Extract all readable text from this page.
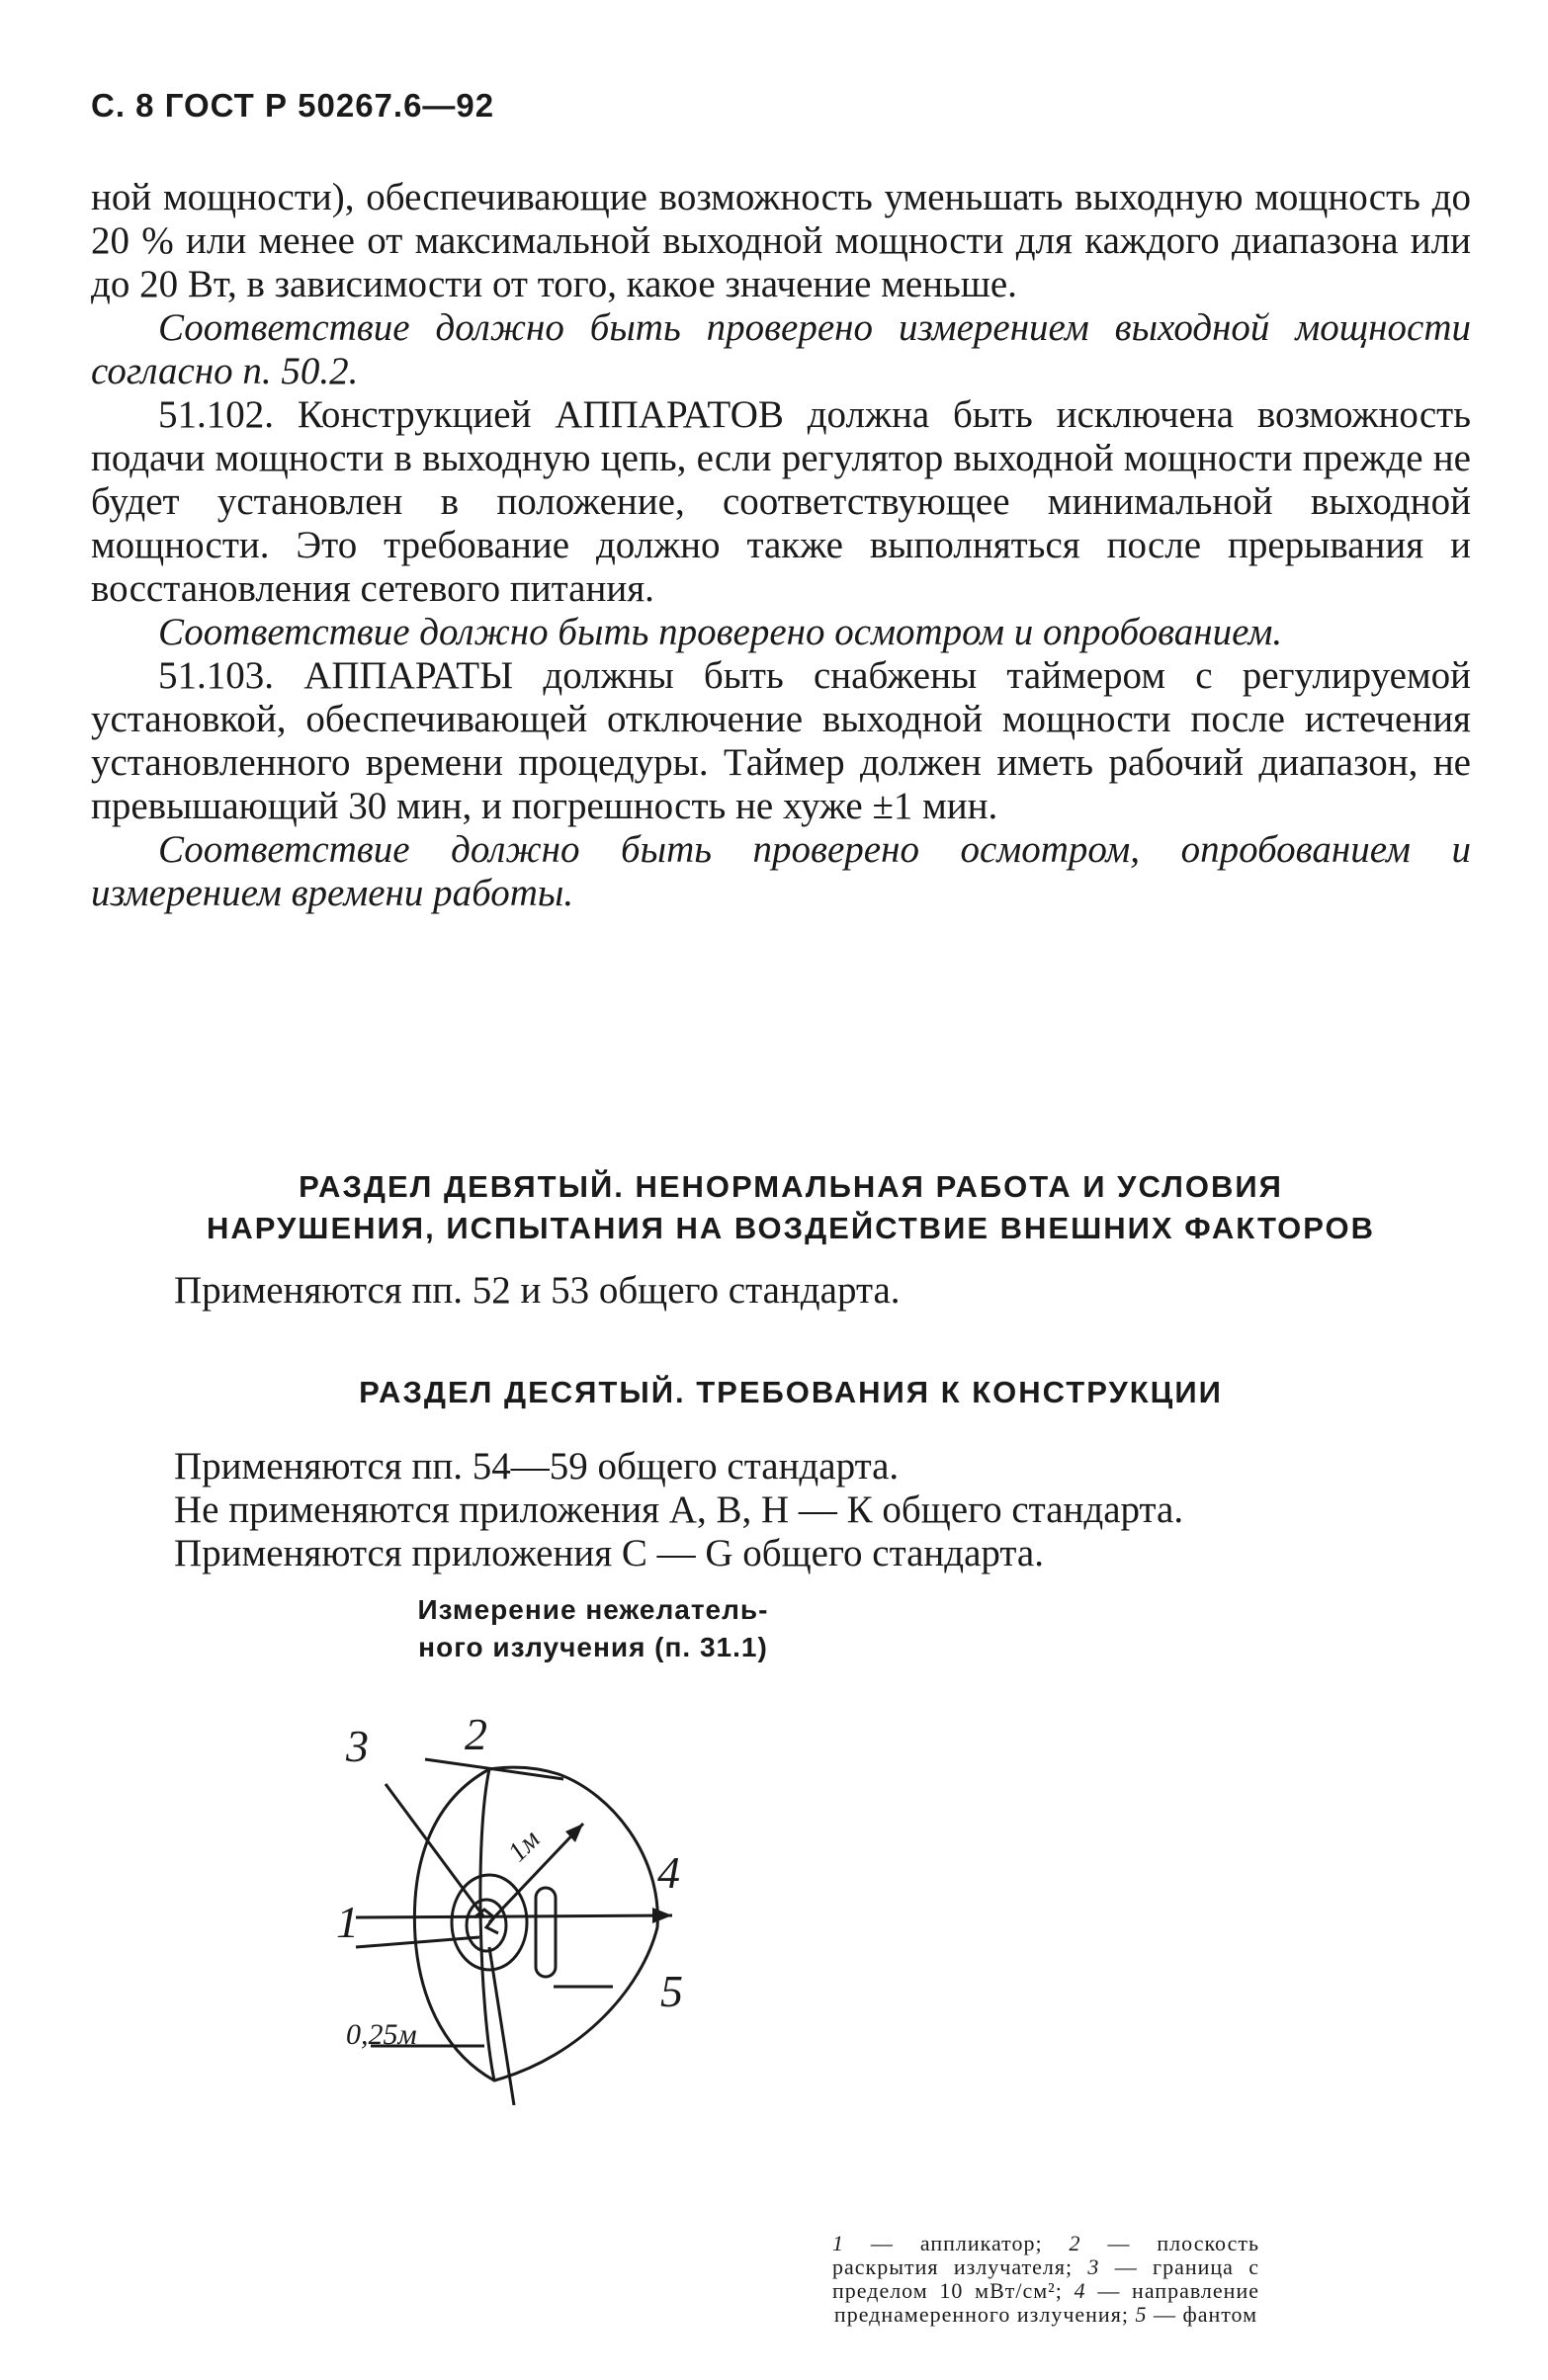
С. 8 ГОСТ Р 50267.6—92

ной мощности), обеспечивающие возможность уменьшать выходную мощность до 20 % или менее от максимальной выходной мощности для каждого диапазона или до 20 Вт, в зависимости от того, какое значение меньше.

Соответствие должно быть проверено измерением выходной мощности согласно п. 50.2.

51.102. Конструкцией АППАРАТОВ должна быть исключена возможность подачи мощности в выходную цепь, если регулятор выходной мощности прежде не будет установлен в положение, соответствующее минимальной выходной мощности. Это требование должно также выполняться после прерывания и восстановления сетевого питания.

Соответствие должно быть проверено осмотром и опробованием.

51.103. АППАРАТЫ должны быть снабжены таймером с регулируемой установкой, обеспечивающей отключение выходной мощности после истечения установленного времени процедуры. Таймер должен иметь рабочий диапазон, не превышающий 30 мин, и погрешность не хуже ±1 мин.

Соответствие должно быть проверено осмотром, опробованием и измерением времени работы.

РАЗДЕЛ ДЕВЯТЫЙ. НЕНОРМАЛЬНАЯ РАБОТА И УСЛОВИЯ
НАРУШЕНИЯ, ИСПЫТАНИЯ НА ВОЗДЕЙСТВИЕ ВНЕШНИХ ФАКТОРОВ
Применяются пп. 52 и 53 общего стандарта.
РАЗДЕЛ ДЕСЯТЫЙ. ТРЕБОВАНИЯ К КОНСТРУКЦИИ
Применяются пп. 54—59 общего стандарта.
Не применяются приложения А, В, Н — К общего стандарта.
Применяются приложения С — G общего стандарта.
Измерение нежелатель-
ного излучения (п. 31.1)
1
2
3
4
5
1м
0,25м
1 — аппликатор; 2 — плоскость раскрытия излучателя; 3 — граница с пределом 10 мВт/см²; 4 — направление преднамеренного излучения; 5 — фантом
